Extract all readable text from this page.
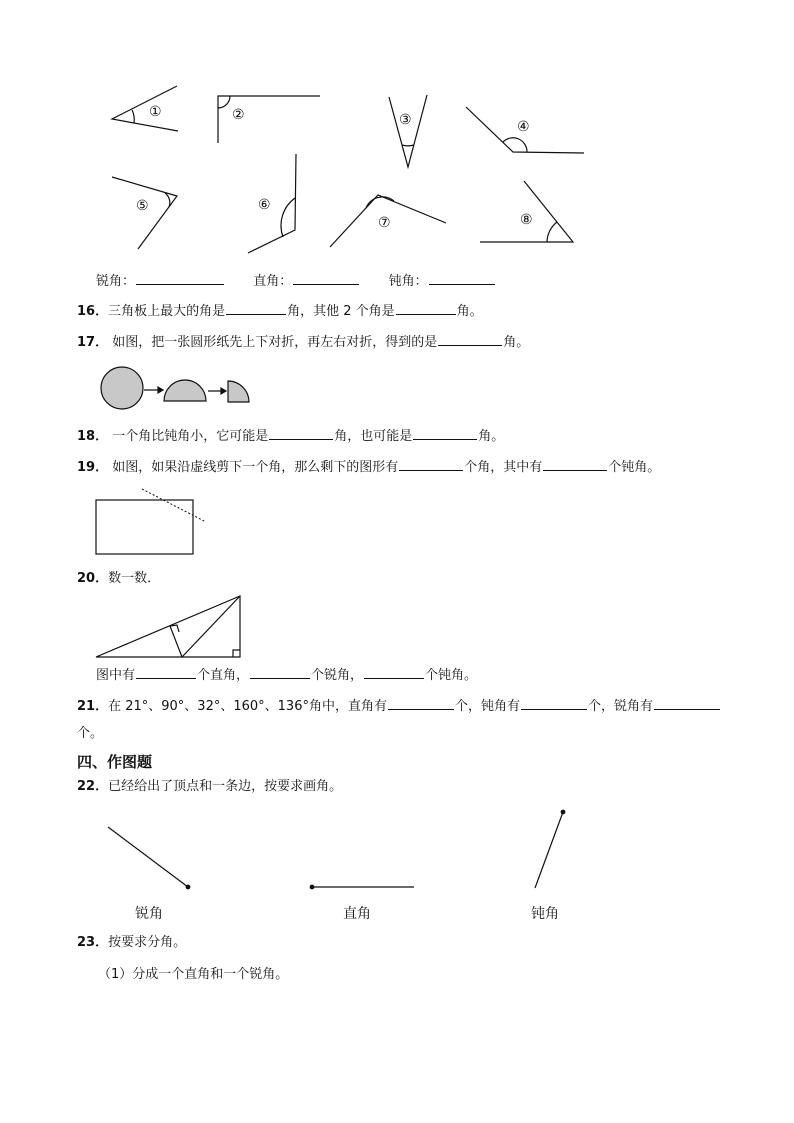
①	②	③	④
⑤	⑥
⑦	⑧
锐角：	直角：	钝角：
16．三角板上最大的角是	角，其他 2 个角是	角。
17． 如图，把一张圆形纸先上下对折，再左右对折，得到的是	角。
18． 一个角比钝角小，它可能是	角，也可能是	角。
19． 如图，如果沿虚线剪下一个角，那么剩下的图形有	个角，其中有	个钝角。
20．数一数．
图中有	个直角，	个锐角，	个钝角。
21．在 21°、90°、32°、160°、136°角中，直角有	个，钝角有	个，锐角有
个。
四、作图题
22．已经给出了顶点和一条边，按要求画角。
锐角	直角	钝角
23．按要求分角。
（1）分成一个直角和一个锐角。
